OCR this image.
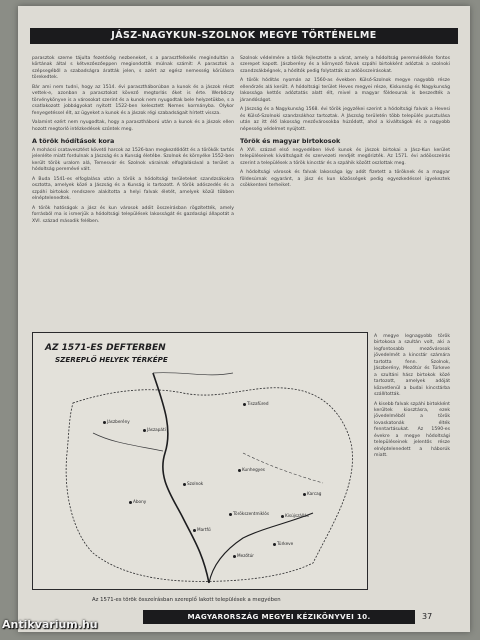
JÁSZ-NAGYKUN-SZOLNOK MEGYE TÖRTÉNELME

parasztok szeme tájulta fezetőség nezbeneket, s a parasztfelkelés megindultán a körtának által s kétvezőezőeppen megiondottik múlnak számít: A parasztok a szépsegéből a szabadságra áratták jelen, s azért az egész nemesség körülásra törekedtek.

Bár ami nem tudni, hogy az 1514. évi parasztháborúban a kunok és a jászok részt vettek-e, azonban a parasztokat kövező megtorlás őket is érte. Werbőczy törvénykönyve is a városokat szerint és a kunok nem nyugodtak bele helyzetükbe, s a csatlakozott jobbágyokat nyitott 1522-ben kelesztett Nemes kormányba. Olykor fenyegetéssel élt, az ügyeket a kunok és a jászok régi szabadságait hírtett vissza.

Valamint ezért nem nyugodtak, hogy a parasztháború után a kunok és a jászok ellen hozott megtorló intézkedések szűntek meg.

A török hódítások kora

A mohácsi csatavesztést követő harcok az 1526-ban megkezdődött és a törökök tartós jelenléte miatt fordulnak a Jászság és a Kunság életébe. Szolnok és környéke 1552-ben került török uralom alá, Temesvár és Szolnok várainak elfoglalásával a terület a hódoltság peremévé vált.

A Buda 1541-es elfoglalása után a török a hódoltsági területeket szandzsákokra osztotta, amelyek közé a Jászság és a Kunság is tartozott. A török adószedés és a szpáhi birtokok rendszere alakította a helyi falvak életét, amelyek közül többen elnéptelenedtek.

A török hatóságok a jász és kun városok adóit összeírásban rögzítették, amely forrásból ma is ismerjük a hódoltsági települések lakosságát és gazdasági állapotát a XVI. század második felében.

Szolnok védelmére a török fejlesztette a várat, amely a hódoltság peremvidékén fontos szerepet kapott. Jászberény és a környező falvak szpáhi birtokként adóztak a szolnoki szandzsákbégnek, a hódítók pedig folytatták az adóösszeírásokat.

A török hódítás nyomán az 1560-as években Külső-Szolnok megye nagyobb része ellenőrzés alá került. A hódoltsági terület Heves megyei része, Kiskunság és Nagykunság lakossága kettős adóztatás alatt élt, mivel a magyar földesurak is beszedték a járandóságot.

A Jászság és a Nagykunság 1568. évi török jegyzékei szerint a hódoltsági falvak a Hevesi és Külső-Szolnoki szandzsákhoz tartoztak. A Jászság területén több település pusztulása után az itt élő lakosság mezővárosokba húzódott, ahol a kiváltságok és a nagyobb népesség védelmet nyújtott.

Török és magyar birtokosok

A XVI. század első negyedében lévő kunok és jászok birtokai a Jász-Kun kerület településeinek kiváltságait és szervezeti rendjét megőrizték. Az 1571. évi adóösszeírás szerint a települések a török kincstár és a szpáhik között oszlottak meg.

A hódoltsági városok és falvak lakossága így adót fizetett a töröknek és a magyar földesúrnak egyaránt, a jász és kun közösségek pedig egyezkedéssel igyekeztek csökkenteni terheiket.

AZ 1571-ES DEFTERBEN
SZEREPLŐ HELYEK TÉRKÉPE
Jászberény
Szolnok
Mezőtúr
Túrkeve
Karcag
Kisújszállás
Tiszafüred
Abony
Jászapáti
Martfű
Kunhegyes
Törökszentmiklós

A megye legnagyobb török birtokosa a szultán volt, aki a legfontosabb mezővárosok jövedelmét a kincstár számára tartotta fenn. Szolnok, Jászberény, Mezőtúr és Túrkeve a szultáni hász birtokok közé tartozott, amelyek adóját közvetlenül a budai kincstárba szállították.

A kisebb falvak szpáhi birtokként kerültek kiosztásra, ezek jövedelméből a török lovaskatonák élték fenntartásukat. Az 1590-es évekre a megye hódoltsági településeinek jelentős része elnéptelenedett a háborúk miatt.

Az 1571-es török összeírásban szereplő lakott települések a megyében
MAGYARORSZÁG MEGYEI KÉZIKÖNYVEI 10.	37
Antikvarium.hu
